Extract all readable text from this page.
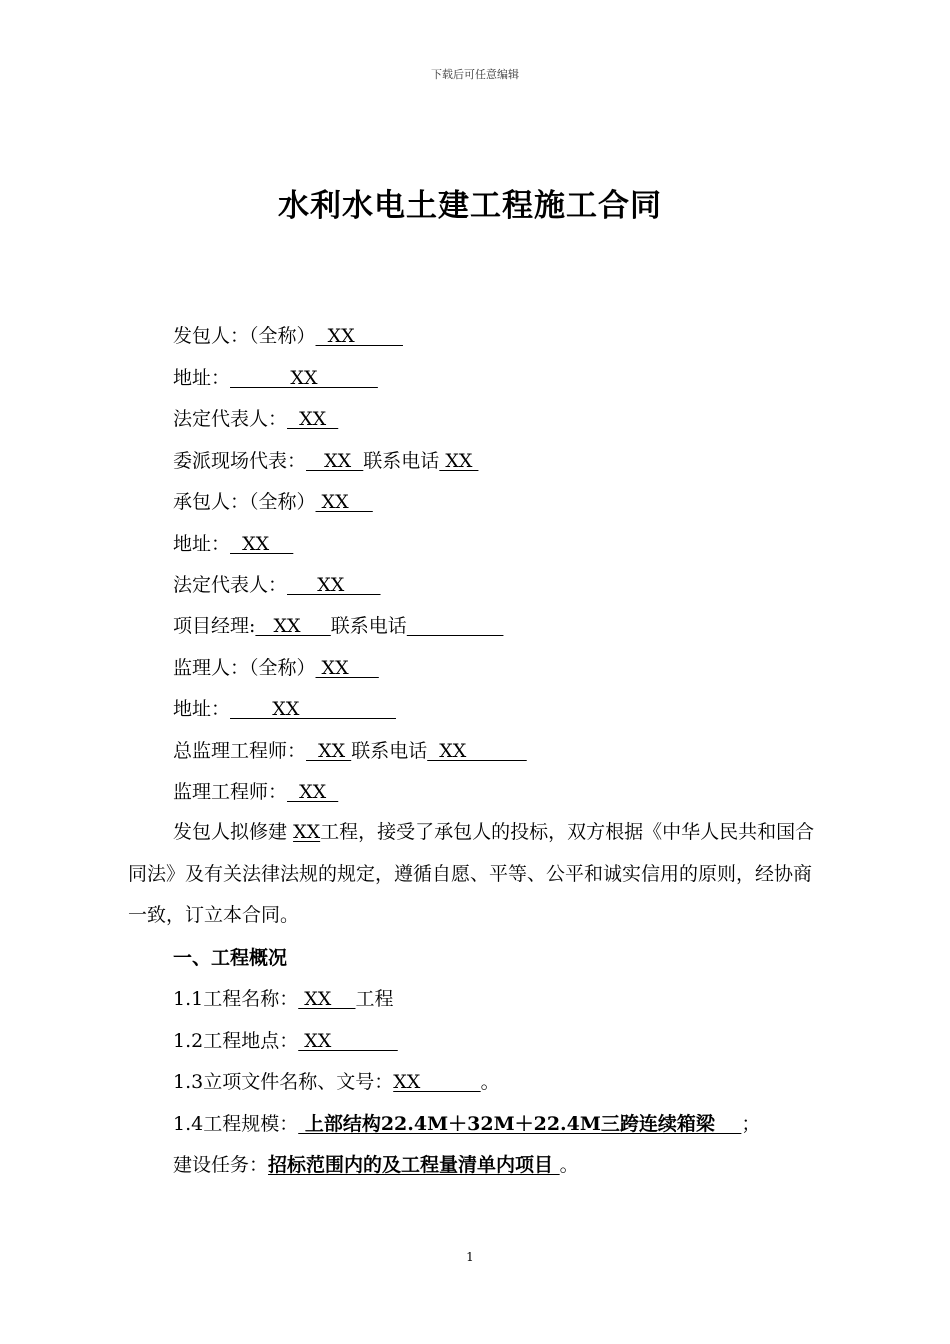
下载后可任意编辑
水利水电土建工程施工合同
发包人：（全称）  XX
地址：          XX
法定代表人：  XX
委派现场代表：   XX  联系电话 XX
承包人：（全称） XX
地址：  XX
法定代表人：     XX
项目经理:   XX     联系电话
监理人：（全称） XX
地址：       XX
总监理工程师：  XX 联系电话  XX
监理工程师：  XX
发包人拟修建 XX工程，接受了承包人的投标，双方根据《中华人民共和国合同法》及有关法律法规的规定，遵循自愿、平等、公平和诚实信用的原则，经协商一致，订立本合同。
一、工程概况
1.1工程名称： XX    工程
1.2工程地点： XX
1.3立项文件名称、文号：XX          。
1.4工程规模： 上部结构22.4M＋32M＋22.4M三跨连续箱梁    ；
建设任务：招标范围内的及工程量清单内项目 。
1
